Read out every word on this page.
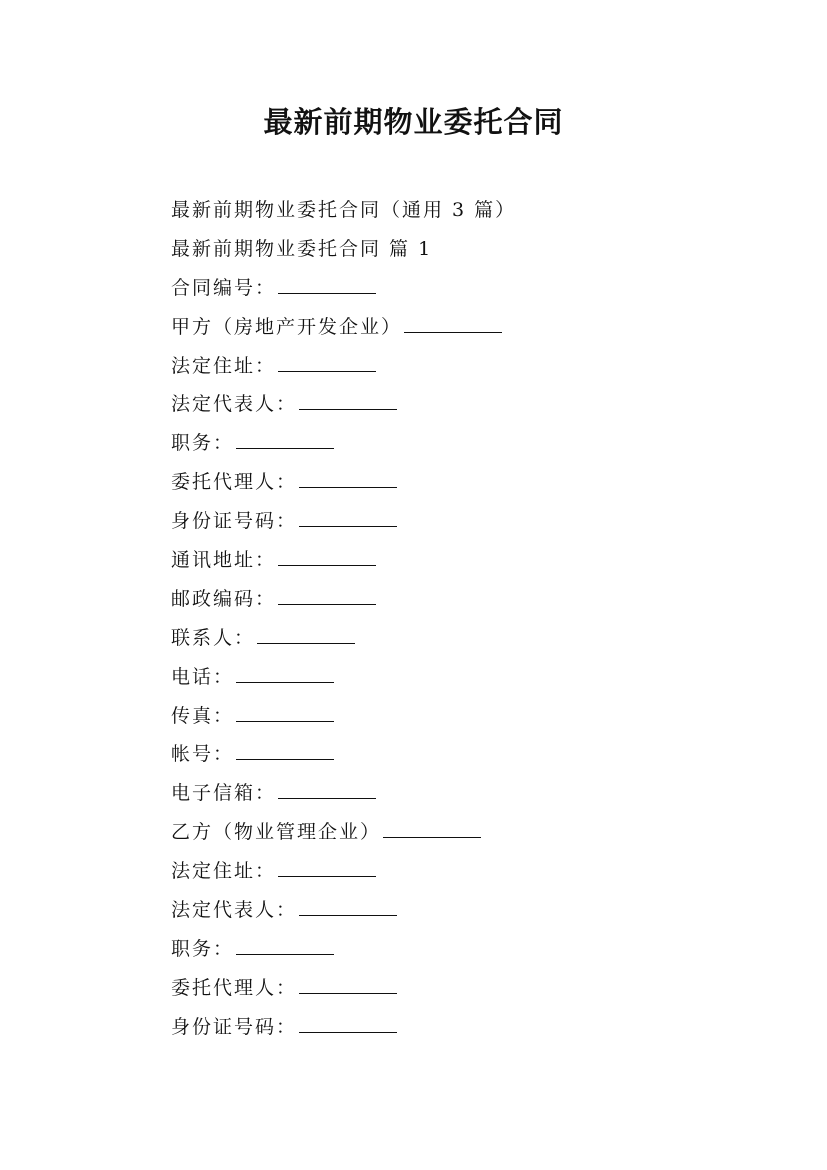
最新前期物业委托合同
最新前期物业委托合同（通用 3 篇）
最新前期物业委托合同 篇 1
合同编号：
甲方（房地产开发企业）
法定住址：
法定代表人：
职务：
委托代理人：
身份证号码：
通讯地址：
邮政编码：
联系人：
电话：
传真：
帐号：
电子信箱：
乙方（物业管理企业）
法定住址：
法定代表人：
职务：
委托代理人：
身份证号码：
